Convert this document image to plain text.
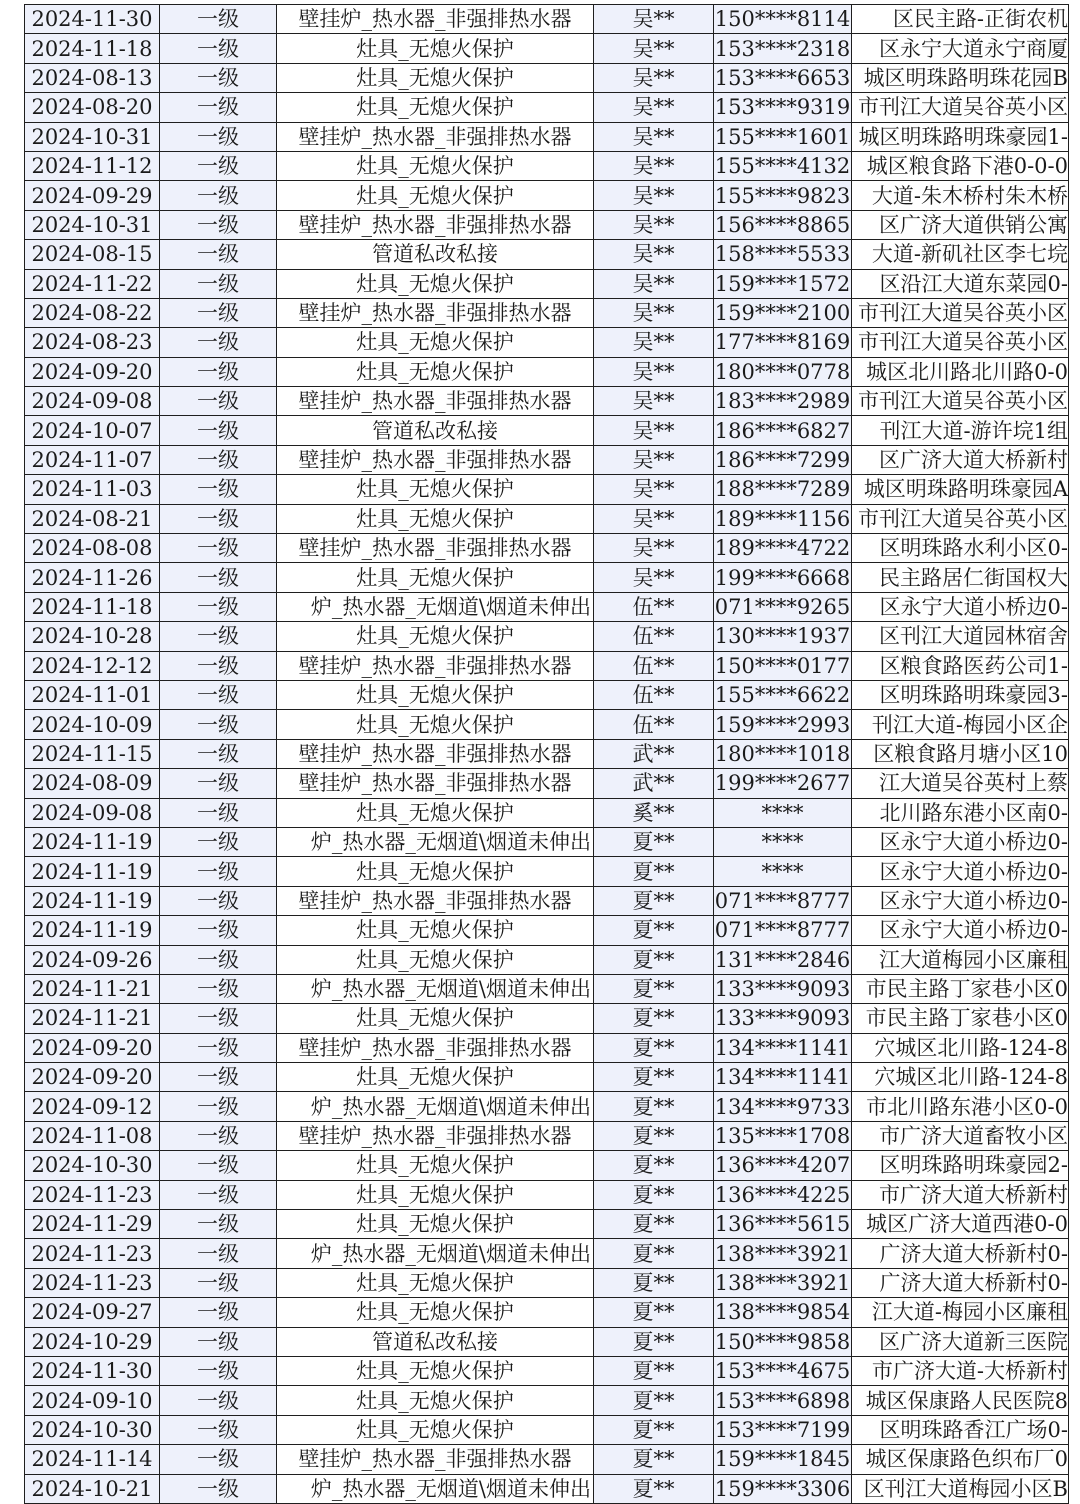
2024-11-30	一级	壁挂炉_热水器_非强排热水器	吴**	150****8114	区民主路-正街农机
2024-11-18	一级	灶具_无熄火保护	吴**	153****2318	区永宁大道永宁商厦
2024-08-13	一级	灶具_无熄火保护	吴**	153****6653	城区明珠路明珠花园B
2024-08-20	一级	灶具_无熄火保护	吴**	153****9319	市刊江大道吴谷英小区
2024-10-31	一级	壁挂炉_热水器_非强排热水器	吴**	155****1601	城区明珠路明珠豪园1-
2024-11-12	一级	灶具_无熄火保护	吴**	155****4132	城区粮食路下港0-0-0
2024-09-29	一级	灶具_无熄火保护	吴**	155****9823	大道-朱木桥村朱木桥
2024-10-31	一级	壁挂炉_热水器_非强排热水器	吴**	156****8865	区广济大道供销公寓
2024-08-15	一级	管道私改私接	吴**	158****5533	大道-新矶社区李七垸
2024-11-22	一级	灶具_无熄火保护	吴**	159****1572	区沿江大道东菜园0-
2024-08-22	一级	壁挂炉_热水器_非强排热水器	吴**	159****2100	市刊江大道吴谷英小区
2024-08-23	一级	灶具_无熄火保护	吴**	177****8169	市刊江大道吴谷英小区
2024-09-20	一级	灶具_无熄火保护	吴**	180****0778	城区北川路北川路0-0
2024-09-08	一级	壁挂炉_热水器_非强排热水器	吴**	183****2989	市刊江大道吴谷英小区
2024-10-07	一级	管道私改私接	吴**	186****6827	刊江大道-游许垸1组
2024-11-07	一级	壁挂炉_热水器_非强排热水器	吴**	186****7299	区广济大道大桥新村
2024-11-03	一级	灶具_无熄火保护	吴**	188****7289	城区明珠路明珠豪园A
2024-08-21	一级	灶具_无熄火保护	吴**	189****1156	市刊江大道吴谷英小区
2024-08-08	一级	壁挂炉_热水器_非强排热水器	吴**	189****4722	区明珠路水利小区0-
2024-11-26	一级	灶具_无熄火保护	吴**	199****6668	民主路居仁街国权大
2024-11-18	一级	炉_热水器_无烟道\烟道未伸出	伍**	071****9265	区永宁大道小桥边0-
2024-10-28	一级	灶具_无熄火保护	伍**	130****1937	区刊江大道园林宿舍
2024-12-12	一级	壁挂炉_热水器_非强排热水器	伍**	150****0177	区粮食路医药公司1-
2024-11-01	一级	灶具_无熄火保护	伍**	155****6622	区明珠路明珠豪园3-
2024-10-09	一级	灶具_无熄火保护	伍**	159****2993	刊江大道-梅园小区企
2024-11-15	一级	壁挂炉_热水器_非强排热水器	武**	180****1018	区粮食路月塘小区10
2024-08-09	一级	壁挂炉_热水器_非强排热水器	武**	199****2677	江大道吴谷英村上蔡
2024-09-08	一级	灶具_无熄火保护	奚**	****	北川路东港小区南0-
2024-11-19	一级	炉_热水器_无烟道\烟道未伸出	夏**	****	区永宁大道小桥边0-
2024-11-19	一级	灶具_无熄火保护	夏**	****	区永宁大道小桥边0-
2024-11-19	一级	壁挂炉_热水器_非强排热水器	夏**	071****8777	区永宁大道小桥边0-
2024-11-19	一级	灶具_无熄火保护	夏**	071****8777	区永宁大道小桥边0-
2024-09-26	一级	灶具_无熄火保护	夏**	131****2846	江大道梅园小区廉租
2024-11-21	一级	炉_热水器_无烟道\烟道未伸出	夏**	133****9093	市民主路丁家巷小区0
2024-11-21	一级	灶具_无熄火保护	夏**	133****9093	市民主路丁家巷小区0
2024-09-20	一级	壁挂炉_热水器_非强排热水器	夏**	134****1141	穴城区北川路-124-8
2024-09-20	一级	灶具_无熄火保护	夏**	134****1141	穴城区北川路-124-8
2024-09-12	一级	炉_热水器_无烟道\烟道未伸出	夏**	134****9733	市北川路东港小区0-0
2024-11-08	一级	壁挂炉_热水器_非强排热水器	夏**	135****1708	市广济大道畜牧小区
2024-10-30	一级	灶具_无熄火保护	夏**	136****4207	区明珠路明珠豪园2-
2024-11-23	一级	灶具_无熄火保护	夏**	136****4225	市广济大道大桥新村
2024-11-29	一级	灶具_无熄火保护	夏**	136****5615	城区广济大道西港0-0
2024-11-23	一级	炉_热水器_无烟道\烟道未伸出	夏**	138****3921	广济大道大桥新村0-
2024-11-23	一级	灶具_无熄火保护	夏**	138****3921	广济大道大桥新村0-
2024-09-27	一级	灶具_无熄火保护	夏**	138****9854	江大道-梅园小区廉租
2024-10-29	一级	管道私改私接	夏**	150****9858	区广济大道新三医院
2024-11-30	一级	灶具_无熄火保护	夏**	153****4675	市广济大道-大桥新村
2024-09-10	一级	灶具_无熄火保护	夏**	153****6898	城区保康路人民医院8
2024-10-30	一级	灶具_无熄火保护	夏**	153****7199	区明珠路香江广场0-
2024-11-14	一级	壁挂炉_热水器_非强排热水器	夏**	159****1845	城区保康路色织布厂0
2024-10-21	一级	炉_热水器_无烟道\烟道未伸出	夏**	159****3306	区刊江大道梅园小区B
